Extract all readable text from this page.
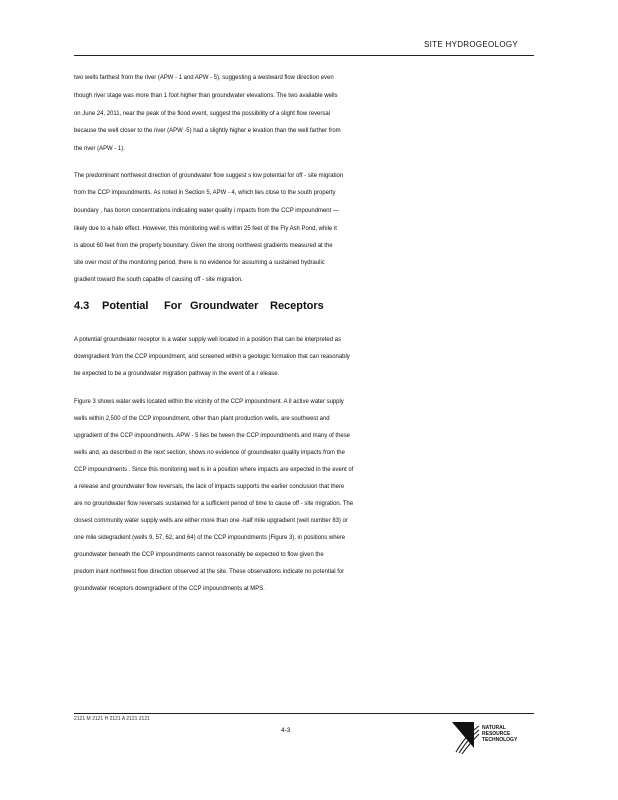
SITE HYDROGEOLOGY
two wells farthest from the river (APW - 1 and APW - 5), suggesting a westward flow direction even
though river stage was more than 1 foot higher than groundwater elevations. The two available wells
on June 24, 2011, near the peak of the flood event, suggest the possibility of a slight flow reversal
because the well closer to the river (APW -5) had a slightly higher e levation than the well farther from
the river (APW - 1).
The predominant northwest direction of groundwater flow suggest s low potential for off - site migration
from the CCP impoundments. As noted in Section 5, APW - 4, which lies close to the south property
boundary , has boron concentrations indicating water quality i mpacts from the CCP impoundment —
likely due to a halo effect. However, this monitoring well is within 25 feet of the Fly Ash Pond, while it
is about 60 feet from the property boundary. Given the strong northwest gradients measured at the
site over most of the monitoring period, there is no evidence for assuming a sustained hydraulic
gradient toward the south capable of causing off - site migration.
4.3 Potential For Groundwater Receptors
A potential groundwater receptor is a water supply well located in a position that can be interpreted as
downgradient from the CCP impoundment, and screened within a geologic formation that can reasonably
be expected to be a groundwater migration pathway in the event of a r elease.
Figure 3 shows water wells located within the vicinity of the CCP impoundment. A ll active water supply
wells within 2,500 of the CCP impoundment, other than plant production wells, are southwest and
upgradient of the CCP impoundments. APW - 5 lies be tween the CCP impoundments and many of these
wells and, as described in the next section, shows no evidence of groundwater quality impacts from the
CCP impoundments . Since this monitoring well is in a position where impacts are expected in the event of
a release and groundwater flow reversals, the lack of impacts supports the earlier conclusion that there
are no groundwater flow reversals sustained for a sufficient period of time to cause off - site migration. The
closest community water supply wells are either more than one -half mile upgradient (well number 83) or
one mile sidegradient (wells 9, 57, 62, and 64) of the CCP impoundments (Figure 3), in positions where
groundwater beneath the CCP impoundments cannot reasonably be expected to flow given the
predom inant northwest flow direction observed at the site. These observations indicate no potential for
groundwater receptors downgradient of the CCP impoundments at MPS.
2121 M 2121 H 2121 A 2121 2121
4-3	NATURAL
RESOURCE
TECHNOLOGY
